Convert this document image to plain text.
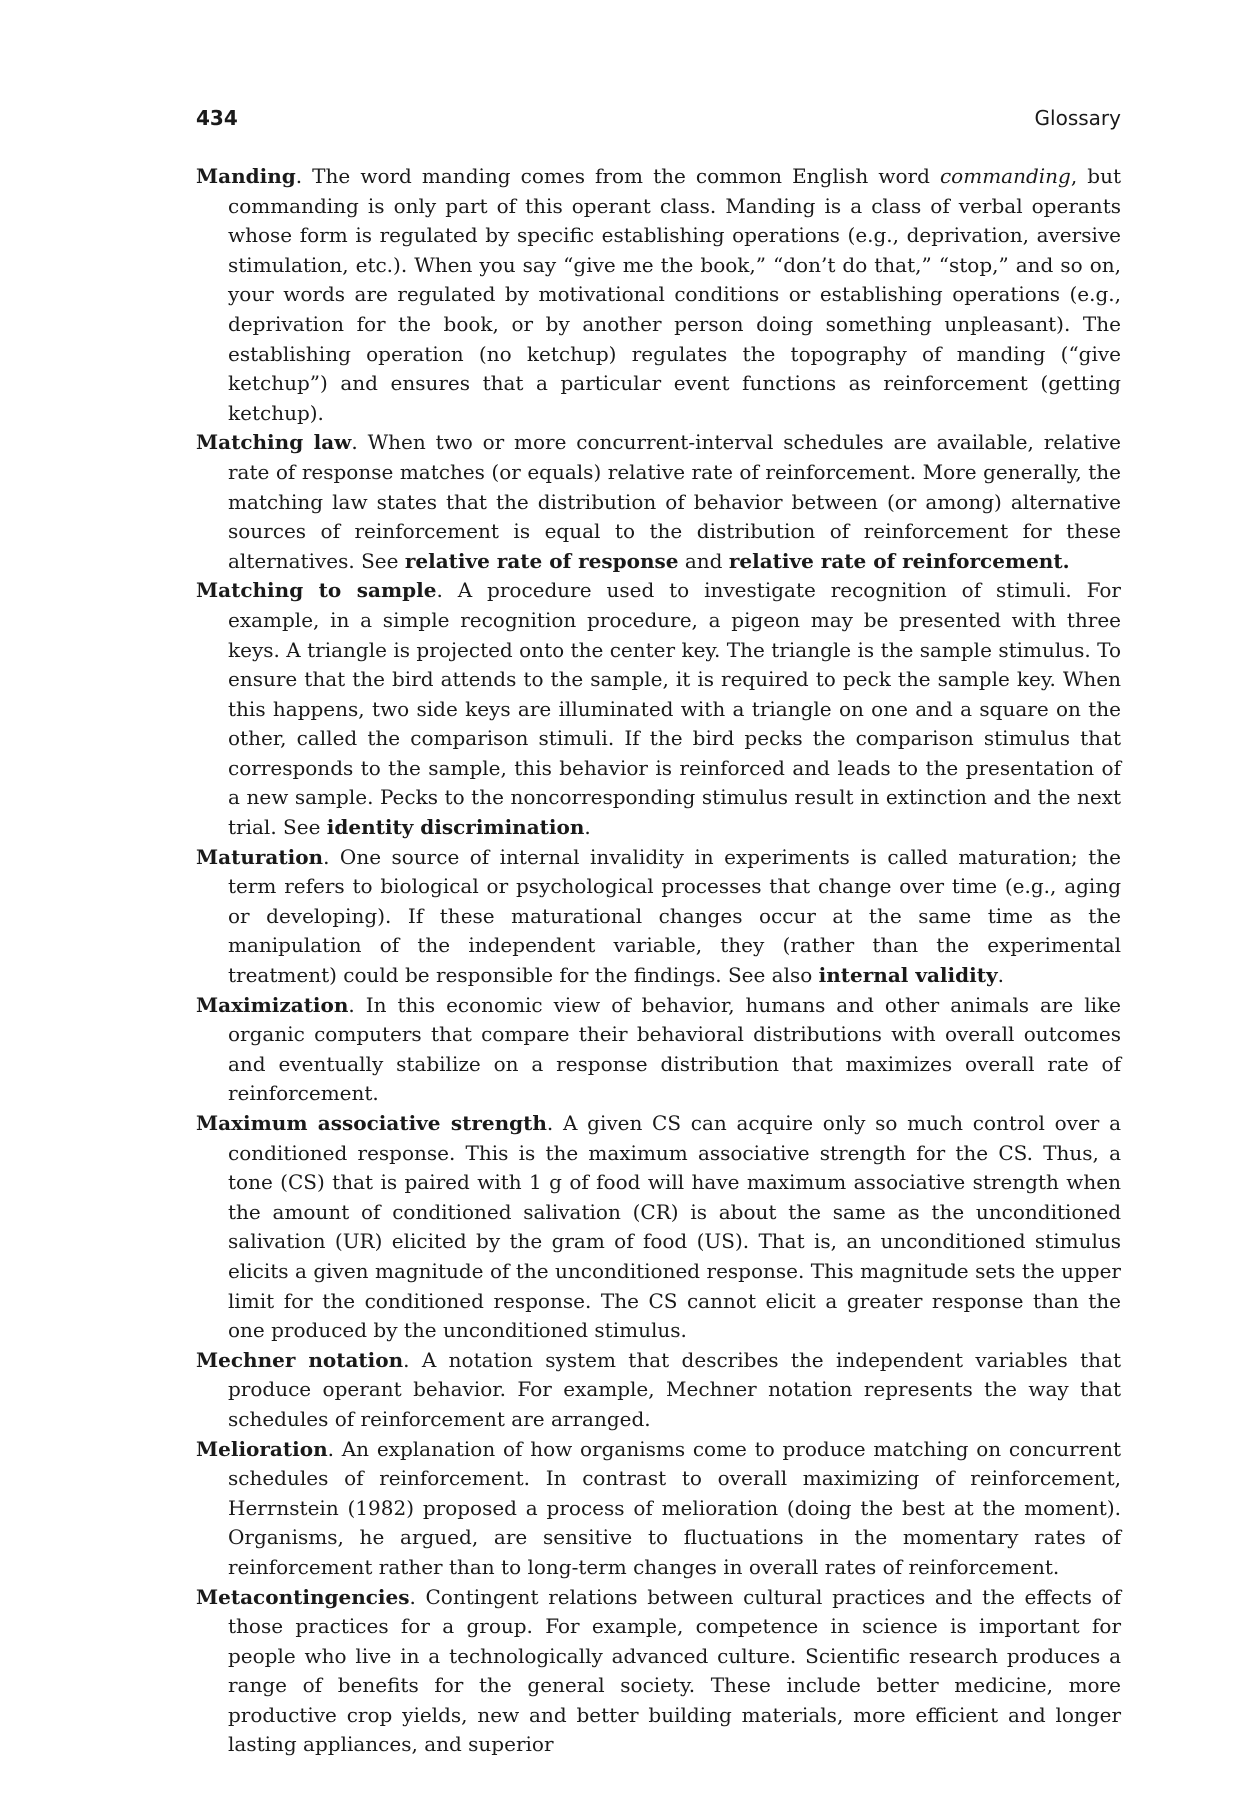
434	Glossary

Manding. The word manding comes from the common English word commanding, but commanding is only part of this operant class. Manding is a class of verbal operants whose form is regulated by specific establishing operations (e.g., deprivation, aversive stimulation, etc.). When you say “give me the book,” “don’t do that,” “stop,” and so on, your words are regulated by motivational conditions or establishing operations (e.g., deprivation for the book, or by another person doing something unpleasant). The establishing operation (no ketchup) regulates the topography of manding (“give ketchup”) and ensures that a particular event functions as reinforcement (getting ketchup).

Matching law. When two or more concurrent-interval schedules are available, relative rate of response matches (or equals) relative rate of reinforcement. More generally, the matching law states that the distribution of behavior between (or among) alternative sources of reinforcement is equal to the distribution of reinforcement for these alternatives. See relative rate of response and relative rate of reinforcement.

Matching to sample. A procedure used to investigate recognition of stimuli. For example, in a simple recognition procedure, a pigeon may be presented with three keys. A triangle is projected onto the center key. The triangle is the sample stimulus. To ensure that the bird attends to the sample, it is required to peck the sample key. When this happens, two side keys are illuminated with a triangle on one and a square on the other, called the comparison stimuli. If the bird pecks the comparison stimulus that corresponds to the sample, this behavior is reinforced and leads to the presentation of a new sample. Pecks to the noncorresponding stimulus result in extinction and the next trial. See identity discrimination.

Maturation. One source of internal invalidity in experiments is called maturation; the term refers to biological or psychological processes that change over time (e.g., aging or developing). If these maturational changes occur at the same time as the manipulation of the independent variable, they (rather than the experimental treatment) could be responsible for the findings. See also internal validity.

Maximization. In this economic view of behavior, humans and other animals are like organic computers that compare their behavioral distributions with overall outcomes and eventually stabilize on a response distribution that maximizes overall rate of reinforcement.

Maximum associative strength. A given CS can acquire only so much control over a conditioned response. This is the maximum associative strength for the CS. Thus, a tone (CS) that is paired with 1 g of food will have maximum associative strength when the amount of conditioned salivation (CR) is about the same as the unconditioned salivation (UR) elicited by the gram of food (US). That is, an unconditioned stimulus elicits a given magnitude of the unconditioned response. This magnitude sets the upper limit for the conditioned response. The CS cannot elicit a greater response than the one produced by the unconditioned stimulus.

Mechner notation. A notation system that describes the independent variables that produce operant behavior. For example, Mechner notation represents the way that schedules of reinforcement are arranged.

Melioration. An explanation of how organisms come to produce matching on concurrent schedules of reinforcement. In contrast to overall maximizing of reinforcement, Herrnstein (1982) proposed a process of melioration (doing the best at the moment). Organisms, he argued, are sensitive to fluctuations in the momentary rates of reinforcement rather than to long-term changes in overall rates of reinforcement.

Metacontingencies. Contingent relations between cultural practices and the effects of those practices for a group. For example, competence in science is important for people who live in a technologically advanced culture. Scientific research produces a range of benefits for the general society. These include better medicine, more productive crop yields, new and better building materials, more efficient and longer lasting appliances, and superior
